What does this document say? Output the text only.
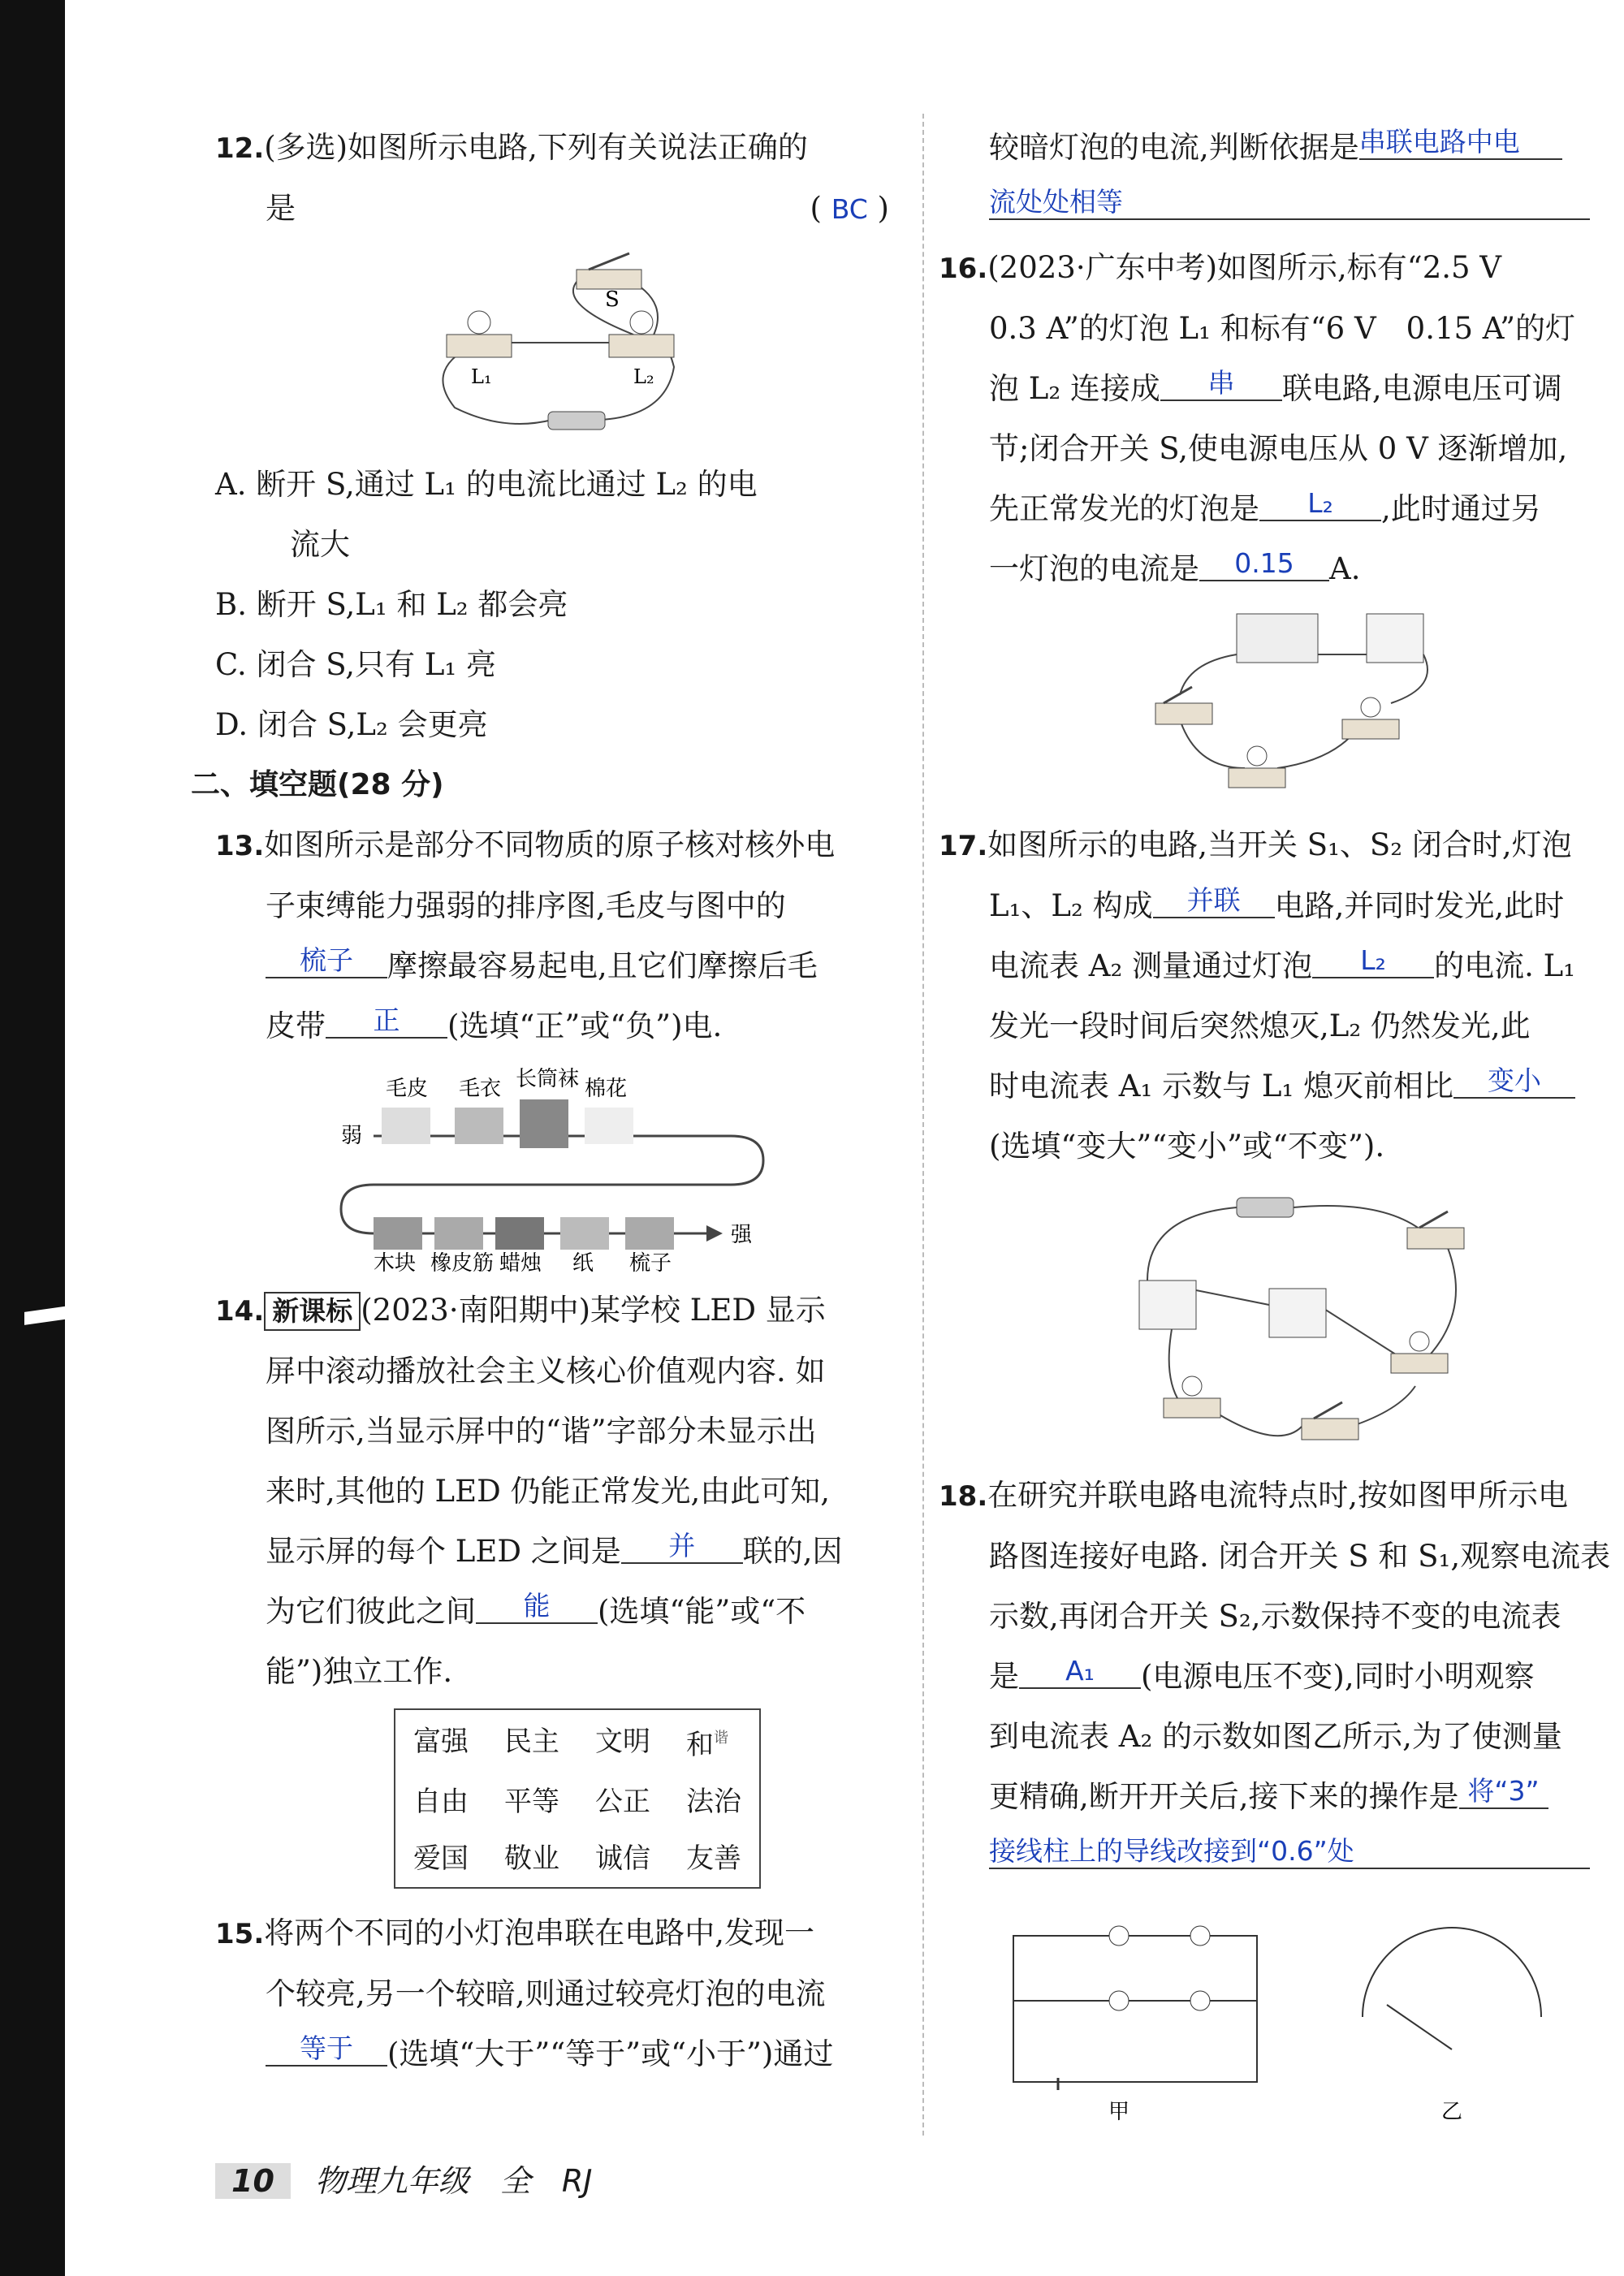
12.(多选)如图所示电路,下列有关说法正确的

是	( BC )

S
L₁	L₂

A. 断开 S,通过 L₁ 的电流比通过 L₂ 的电

流大

B. 断开 S,L₁ 和 L₂ 都会亮

C. 闭合 S,只有 L₁ 亮

D. 闭合 S,L₂ 会更亮

二、填空题(28 分)

13.如图所示是部分不同物质的原子核对核外电

子束缚能力强弱的排序图,毛皮与图中的

梳子 摩擦最容易起电,且它们摩擦后毛

皮带 正 (选填“正”或“负”)电.

弱
强
毛皮 毛衣 长筒袜 棉花
木块 橡皮筋 蜡烛 纸 梳子

14. 新课标 (2023·南阳期中)某学校 LED 显示

屏中滚动播放社会主义核心价值观内容. 如

图所示,当显示屏中的“谐”字部分未显示出

来时,其他的 LED 仍能正常发光,由此可知,

显示屏的每个 LED 之间是 并 联的,因

为它们彼此之间 能 (选填“能”或“不

能”)独立工作.

富强	民主	文明	和$^谐$
自由	平等	公正	法治
爱国	敬业	诚信	友善

15.将两个不同的小灯泡串联在电路中,发现一

个较亮,另一个较暗,则通过较亮灯泡的电流

等于 (选填“大于”“等于”或“小于”)通过

较暗灯泡的电流,判断依据是串联电路中电

流处处相等

16.(2023·广东中考)如图所示,标有“2.5 V

0.3 A”的灯泡 L₁ 和标有“6 V　0.15 A”的灯

泡 L₂ 连接成 串 联电路,电源电压可调

节;闭合开关 S,使电源电压从 0 V 逐渐增加,

先正常发光的灯泡是 L₂ ,此时通过另

一灯泡的电流是 0.15 A.

17.如图所示的电路,当开关 S₁、S₂ 闭合时,灯泡

L₁、L₂ 构成 并联 电路,并同时发光,此时

电流表 A₂ 测量通过灯泡 L₂ 的电流. L₁

发光一段时间后突然熄灭,L₂ 仍然发光,此

时电流表 A₁ 示数与 L₁ 熄灭前相比 变小

(选填“变大”“变小”或“不变”).

18.在研究并联电路电流特点时,按如图甲所示电

路图连接好电路. 闭合开关 S 和 S₁,观察电流表

示数,再闭合开关 S₂,示数保持不变的电流表

是 A₁ (电源电压不变),同时小明观察

到电流表 A₂ 的示数如图乙所示,为了使测量

更精确,断开开关后,接下来的操作是 将“3”

接线柱上的导线改接到“0.6”处

甲	乙
10 物理九年级　全　RJ
